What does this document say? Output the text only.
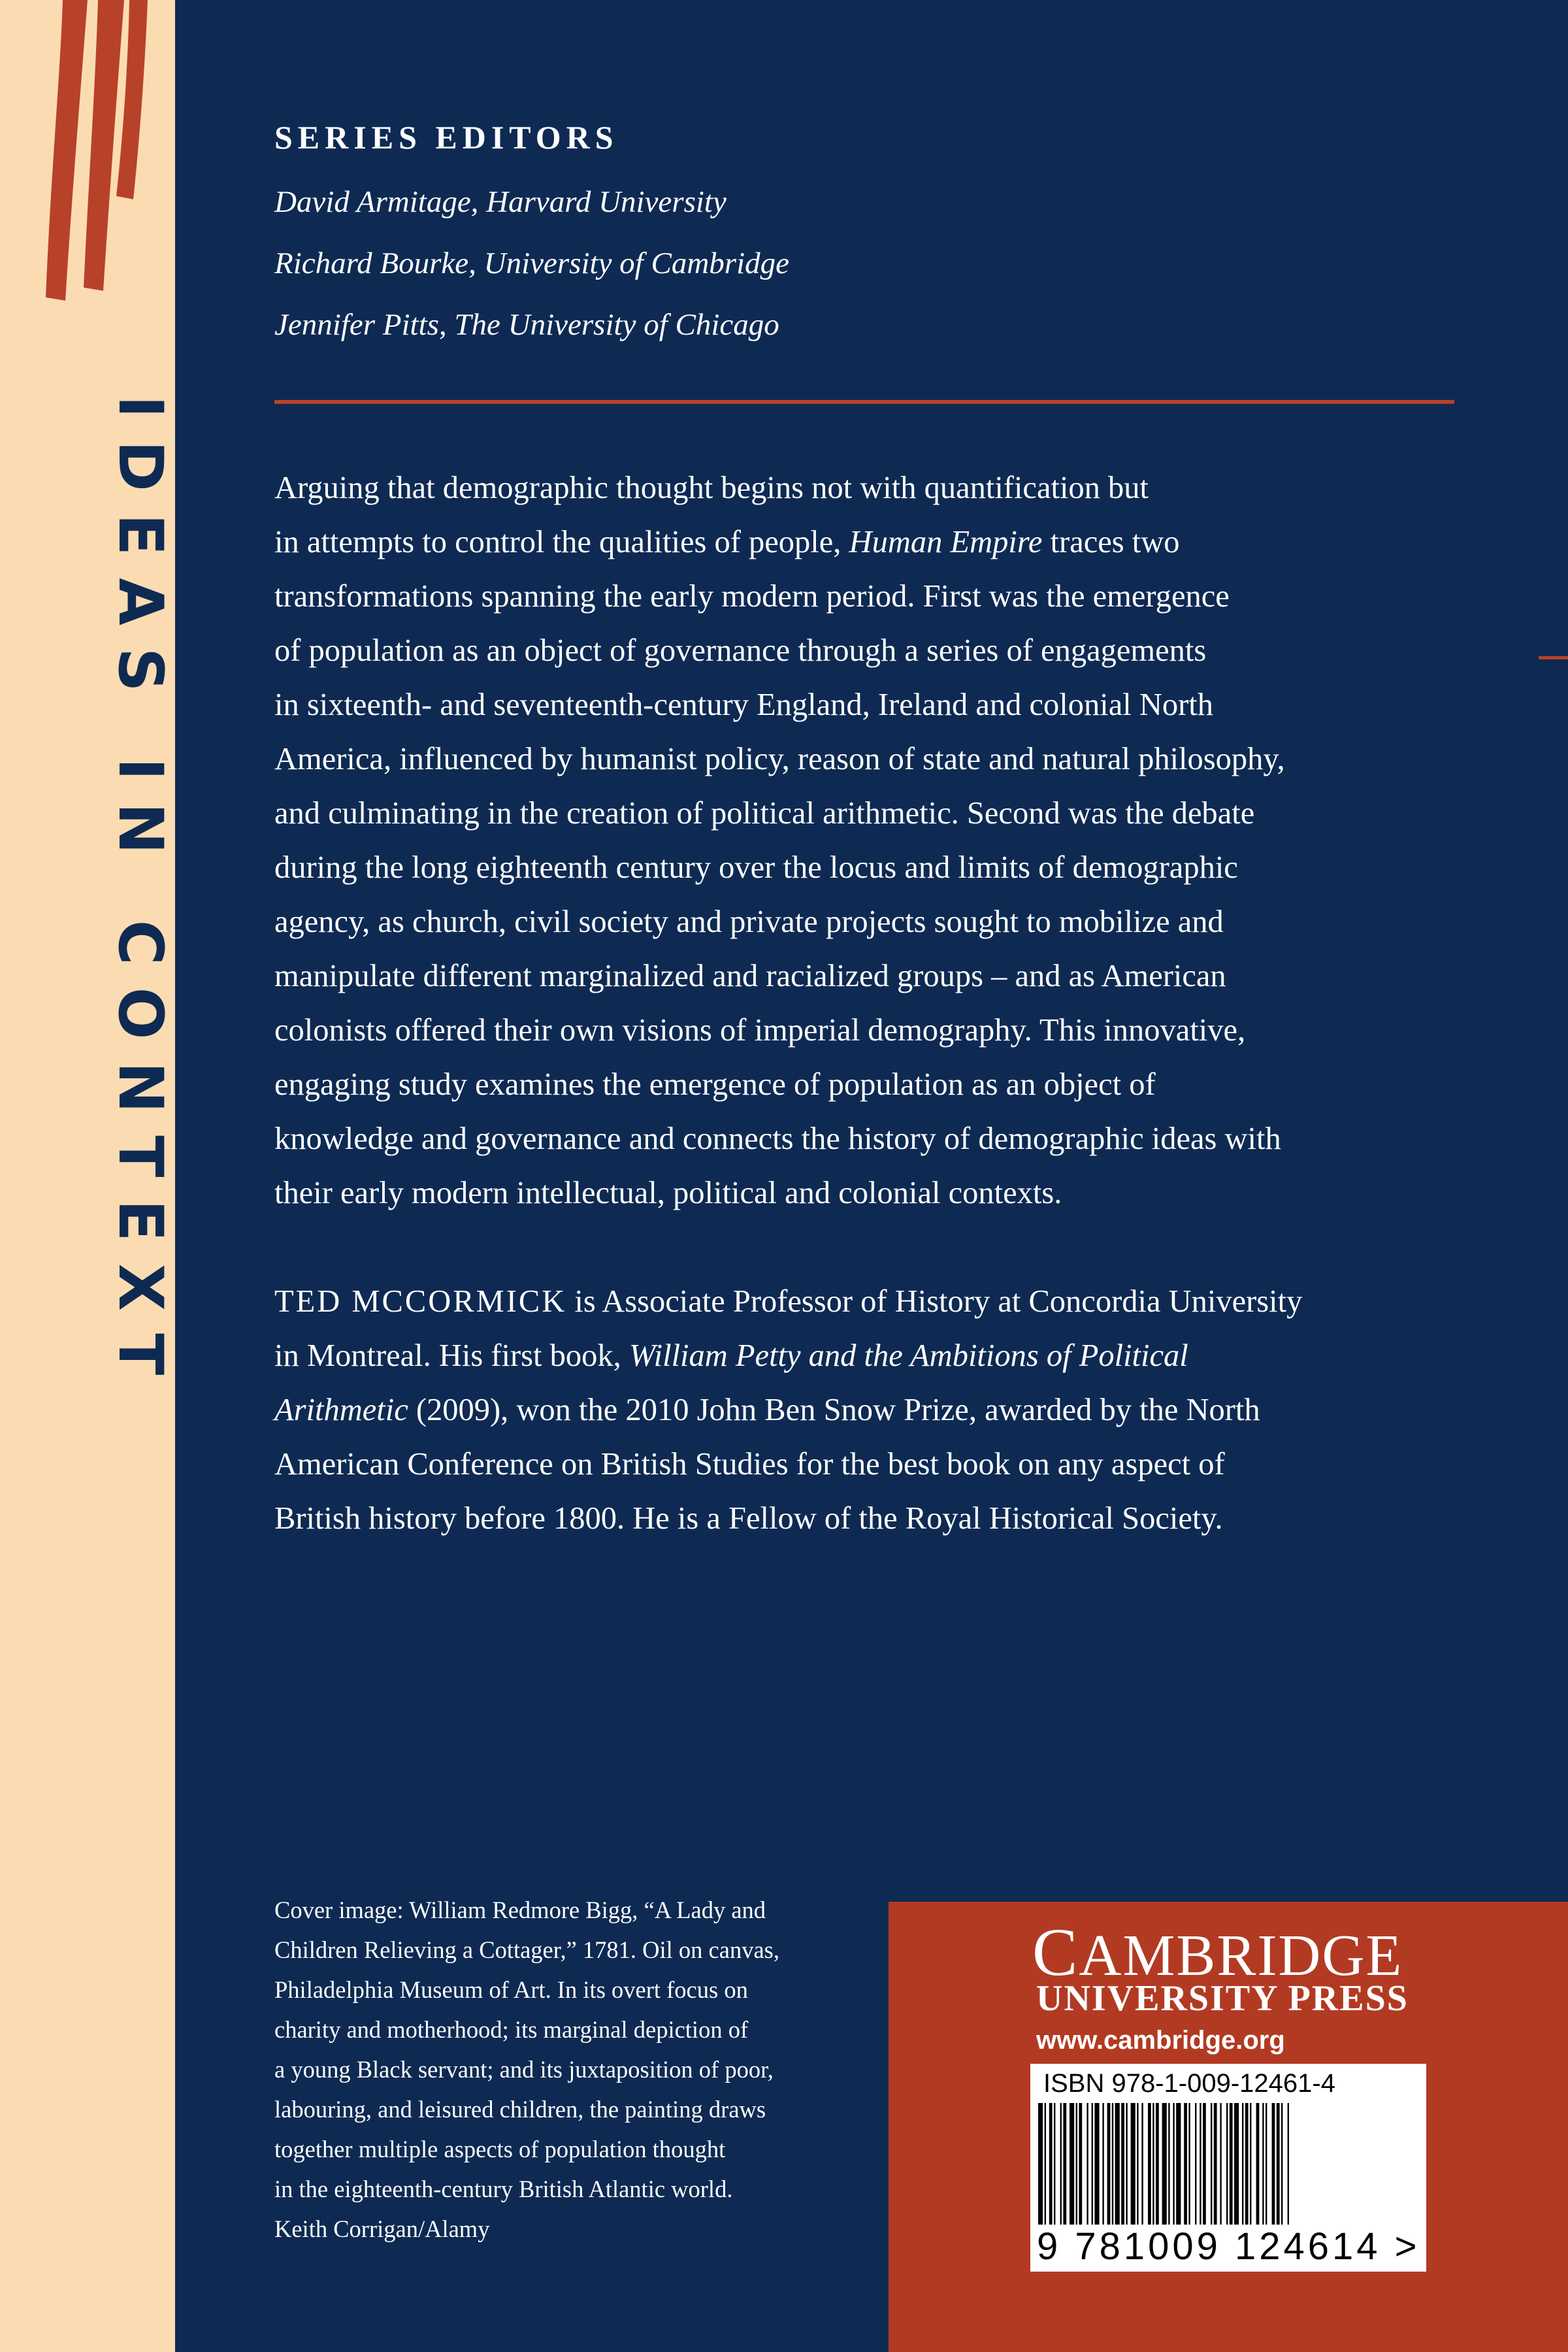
IDEAS IN CONTEXT
SERIES EDITORS
David Armitage, Harvard University
Richard Bourke, University of Cambridge
Jennifer Pitts, The University of Chicago

Arguing that demographic thought begins not with quantification but
in attempts to control the qualities of people, Human Empire traces two
transformations spanning the early modern period. First was the emergence
of population as an object of governance through a series of engagements
in sixteenth- and seventeenth-century England, Ireland and colonial North
America, influenced by humanist policy, reason of state and natural philosophy,
and culminating in the creation of political arithmetic. Second was the debate
during the long eighteenth century over the locus and limits of demographic
agency, as church, civil society and private projects sought to mobilize and
manipulate different marginalized and racialized groups – and as American
colonists offered their own visions of imperial demography. This innovative,
engaging study examines the emergence of population as an object of
knowledge and governance and connects the history of demographic ideas with
their early modern intellectual, political and colonial contexts.

TED MCCORMICK is Associate Professor of History at Concordia University
in Montreal. His first book, William Petty and the Ambitions of Political
Arithmetic (2009), won the 2010 John Ben Snow Prize, awarded by the North
American Conference on British Studies for the best book on any aspect of
British history before 1800. He is a Fellow of the Royal Historical Society.

Cover image: William Redmore Bigg, “A Lady and
Children Relieving a Cottager,” 1781. Oil on canvas,
Philadelphia Museum of Art. In its overt focus on
charity and motherhood; its marginal depiction of
a young Black servant; and its juxtaposition of poor,
labouring, and leisured children, the painting draws
together multiple aspects of population thought
in the eighteenth-century British Atlantic world.
Keith Corrigan/Alamy

CAMBRIDGE
UNIVERSITY PRESS
www.cambridge.org
ISBN 978-1-009-12461-4
9 781009 124614 >
